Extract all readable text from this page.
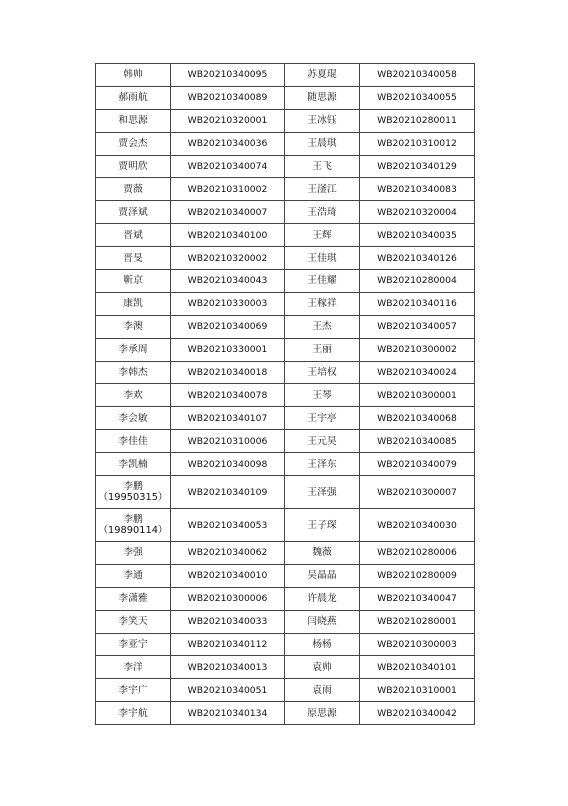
韩帅	WB20210340095	苏夏琨	WB20210340058
郝雨航	WB20210340089	随思源	WB20210340055
和思源	WB20210320001	王冰钰	WB20210280011
贾会杰	WB20210340036	王晨琪	WB20210310012
贾明欣	WB20210340074	王飞	WB20210340129
贾薇	WB20210310002	王滏江	WB20210340083
贾泽斌	WB20210340007	王浩琦	WB20210320004
晋斌	WB20210340100	王辉	WB20210340035
晋旻	WB20210320002	王佳琪	WB20210340126
靳京	WB20210340043	王佳耀	WB20210280004
康凯	WB20210330003	王稼祥	WB20210340116
李澳	WB20210340069	王杰	WB20210340057
李承周	WB20210330001	王丽	WB20210300002
李韩杰	WB20210340018	王培权	WB20210340024
李欢	WB20210340078	王琴	WB20210300001
李会敏	WB20210340107	王宇亭	WB20210340068
李佳佳	WB20210310006	王元昊	WB20210340085
李凯楠	WB20210340098	王泽东	WB20210340079
李鹏
（19950315）	WB20210340109	王泽强	WB20210300007
李鹏
（19890114）	WB20210340053	王子琛	WB20210340030
李强	WB20210340062	魏薇	WB20210280006
李通	WB20210340010	吴晶晶	WB20210280009
李潇雅	WB20210300006	许晨龙	WB20210340047
李笑天	WB20210340033	闫晓燕	WB20210280001
李亚宁	WB20210340112	杨杨	WB20210300003
李洋	WB20210340013	袁帅	WB20210340101
李宇广	WB20210340051	袁雨	WB20210310001
李宇航	WB20210340134	原思源	WB20210340042
